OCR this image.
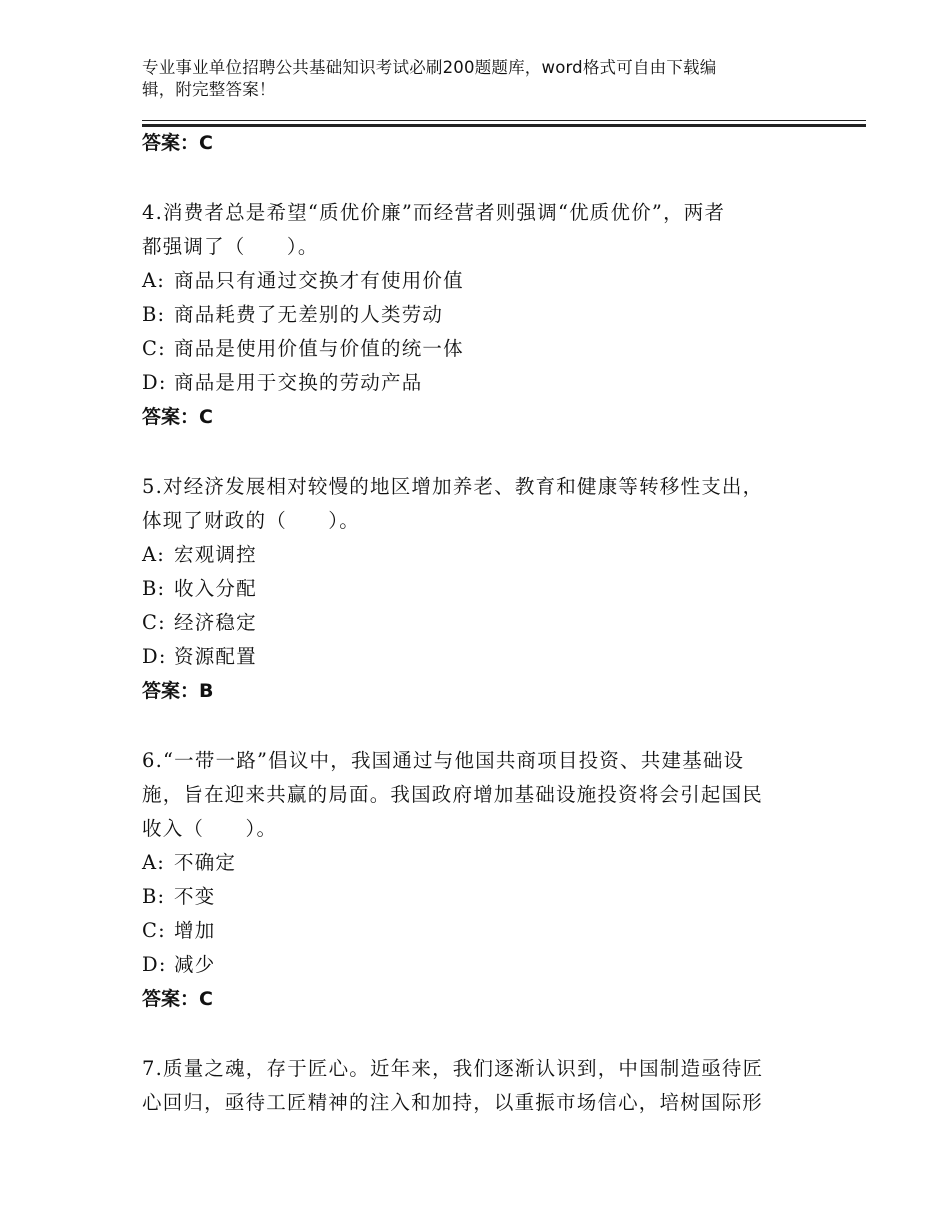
专业事业单位招聘公共基础知识考试必刷200题题库，word格式可自由下载编
辑，附完整答案！
答案：C
4.消费者总是希望“质优价廉”而经营者则强调“优质优价”，两者
都强调了（　　）。
A: 商品只有通过交换才有使用价值
B: 商品耗费了无差别的人类劳动
C: 商品是使用价值与价值的统一体
D: 商品是用于交换的劳动产品
答案：C
5.对经济发展相对较慢的地区增加养老、教育和健康等转移性支出，
体现了财政的（　　）。
A: 宏观调控
B: 收入分配
C: 经济稳定
D: 资源配置
答案：B
6.“一带一路”倡议中，我国通过与他国共商项目投资、共建基础设
施，旨在迎来共赢的局面。我国政府增加基础设施投资将会引起国民
收入（　　）。
A: 不确定
B: 不变
C: 增加
D: 减少
答案：C
7.质量之魂，存于匠心。近年来，我们逐渐认识到，中国制造亟待匠
心回归，亟待工匠精神的注入和加持，以重振市场信心，培树国际形
